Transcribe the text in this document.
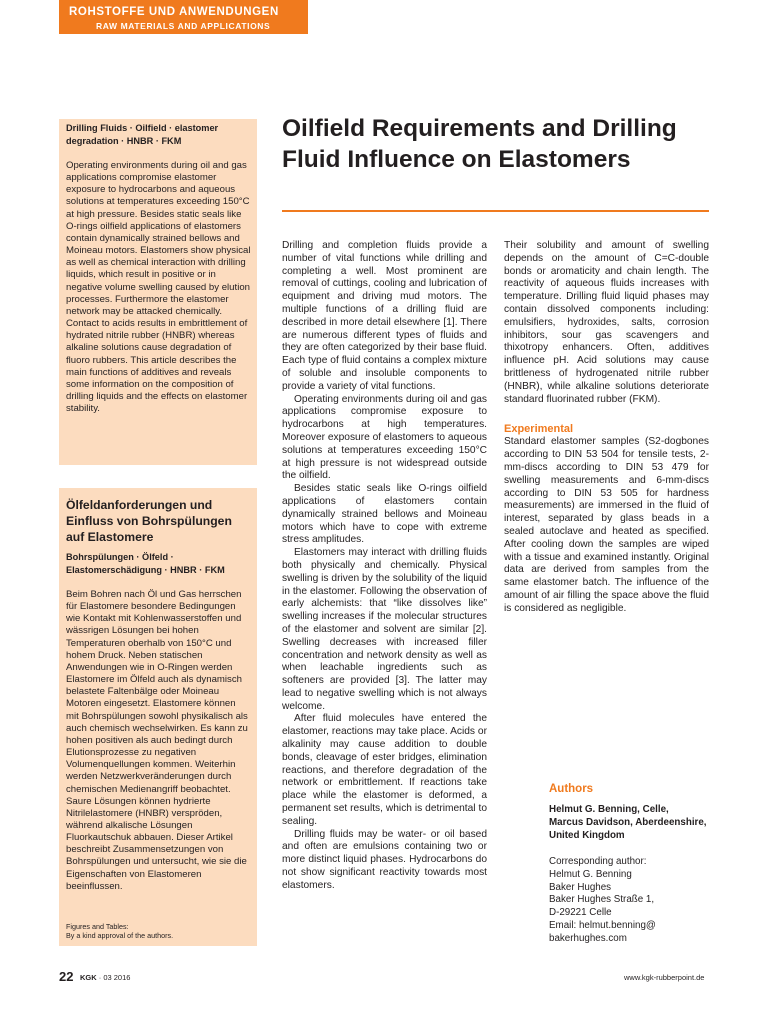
ROHSTOFFE UND ANWENDUNGEN
RAW MATERIALS AND APPLICATIONS
Drilling Fluids · Oilfield · elastomer degradation · HNBR · FKM
Operating environments during oil and gas applications compromise elastomer exposure to hydrocarbons and aqueous solutions at temperatures exceeding 150°C at high pressure. Besides static seals like O-rings oilfield applications of elastomers contain dynamically strained bellows and Moineau motors. Elastomers show physical as well as chemical interaction with drilling liquids, which result in positive or in negative volume swelling caused by elution processes. Furthermore the elastomer network may be attacked chemically. Contact to acids results in embrittlement of hydrated nitrile rubber (HNBR) whereas alkaline solutions cause degradation of fluoro rubbers. This article describes the main functions of additives and reveals some information on the composition of drilling liquids and the effects on elastomer stability.
Ölfeldanforderungen und Einfluss von Bohrspülungen auf Elastomere
Bohrspülungen · Ölfeld · Elastomerschädigung · HNBR · FKM
Beim Bohren nach Öl und Gas herrschen für Elastomere besondere Bedingungen wie Kontakt mit Kohlenwasserstoffen und wässrigen Lösungen bei hohen Temperaturen oberhalb von 150°C und hohem Druck. Neben statischen Anwendungen wie in O-Ringen werden Elastomere im Ölfeld auch als dynamisch belastete Faltenbälge oder Moineau Motoren eingesetzt. Elastomere können mit Bohrspülungen sowohl physikalisch als auch chemisch wechselwirken. Es kann zu hohen positiven als auch bedingt durch Elutionsprozesse zu negativen Volumenquellungen kommen. Weiterhin werden Netzwerkveränderungen durch chemischen Medienangriff beobachtet. Saure Lösungen können hydrierte Nitrilelastomere (HNBR) verspröden, während alkalische Lösungen Fluorkautschuk abbauen. Dieser Artikel beschreibt Zusammensetzungen von Bohrspülungen und untersucht, wie sie die Eigenschaften von Elastomeren beeinflussen.
Figures and Tables:
By a kind approval of the authors.
Oilfield Requirements and Drilling Fluid Influence on Elastomers

Drilling and completion fluids provide a number of vital functions while drilling and completing a well. Most prominent are removal of cuttings, cooling and lubrication of equipment and driving mud motors. The multiple functions of a drilling fluid are described in more detail elsewhere [1]. There are numerous different types of fluids and they are often categorized by their base fluid. Each type of fluid contains a complex mixture of soluble and insoluble components to provide a variety of vital functions.

Operating environments during oil and gas applications compromise exposure to hydrocarbons at high temperatures. Moreover exposure of elastomers to aqueous solutions at temperatures exceeding 150°C at high pressure is not widespread outside the oilfield.

Besides static seals like O-rings oilfield applications of elastomers contain dynamically strained bellows and Moineau motors which have to cope with extreme stress amplitudes.

Elastomers may interact with drilling fluids both physically and chemically. Physical swelling is driven by the solubility of the liquid in the elastomer. Following the observation of early alchemists: that “like dissolves like” swelling increases if the molecular structures of the elastomer and solvent are similar [2]. Swelling decreases with increased filler concentration and network density as well as when leachable ingredients such as softeners are provided [3]. The latter may lead to negative swelling which is not always welcome.

After fluid molecules have entered the elastomer, reactions may take place. Acids or alkalinity may cause addition to double bonds, cleavage of ester bridges, elimination reactions, and therefore degradation of the network or embrittlement. If reactions take place while the elastomer is deformed, a permanent set results, which is detrimental to sealing.

Drilling fluids may be water- or oil based and often are emulsions containing two or more distinct liquid phases. Hydrocarbons do not show significant reactivity towards most elastomers.

Their solubility and amount of swelling depends on the amount of C=C-double bonds or aromaticity and chain length. The reactivity of aqueous fluids increases with temperature. Drilling fluid liquid phases may contain dissolved components including: emulsifiers, hydroxides, salts, corrosion inhibitors, sour gas scavengers and thixotropy enhancers. Often, additives influence pH. Acid solutions may cause brittleness of hydrogenated nitrile rubber (HNBR), while alkaline solutions deteriorate standard fluorinated rubber (FKM).

Experimental

Standard elastomer samples (S2-dogbones according to DIN 53 504 for tensile tests, 2-mm-discs according to DIN 53 479 for swelling measurements and 6-mm-discs according to DIN 53 505 for hardness measurements) are immersed in the fluid of interest, separated by glass beads in a sealed autoclave and heated as specified. After cooling down the samples are wiped with a tissue and examined instantly. Original data are derived from samples from the same elastomer batch. The influence of the amount of air filling the space above the fluid is considered as negligible.

Authors
Helmut G. Benning, Celle,
Marcus Davidson, Aberdeenshire,
United Kingdom
Corresponding author:
Helmut G. Benning
Baker Hughes
Baker Hughes Straße 1,
D-29221 Celle
Email: helmut.benning@
bakerhughes.com
22 KGK · 03 2016	www.kgk-rubberpoint.de
